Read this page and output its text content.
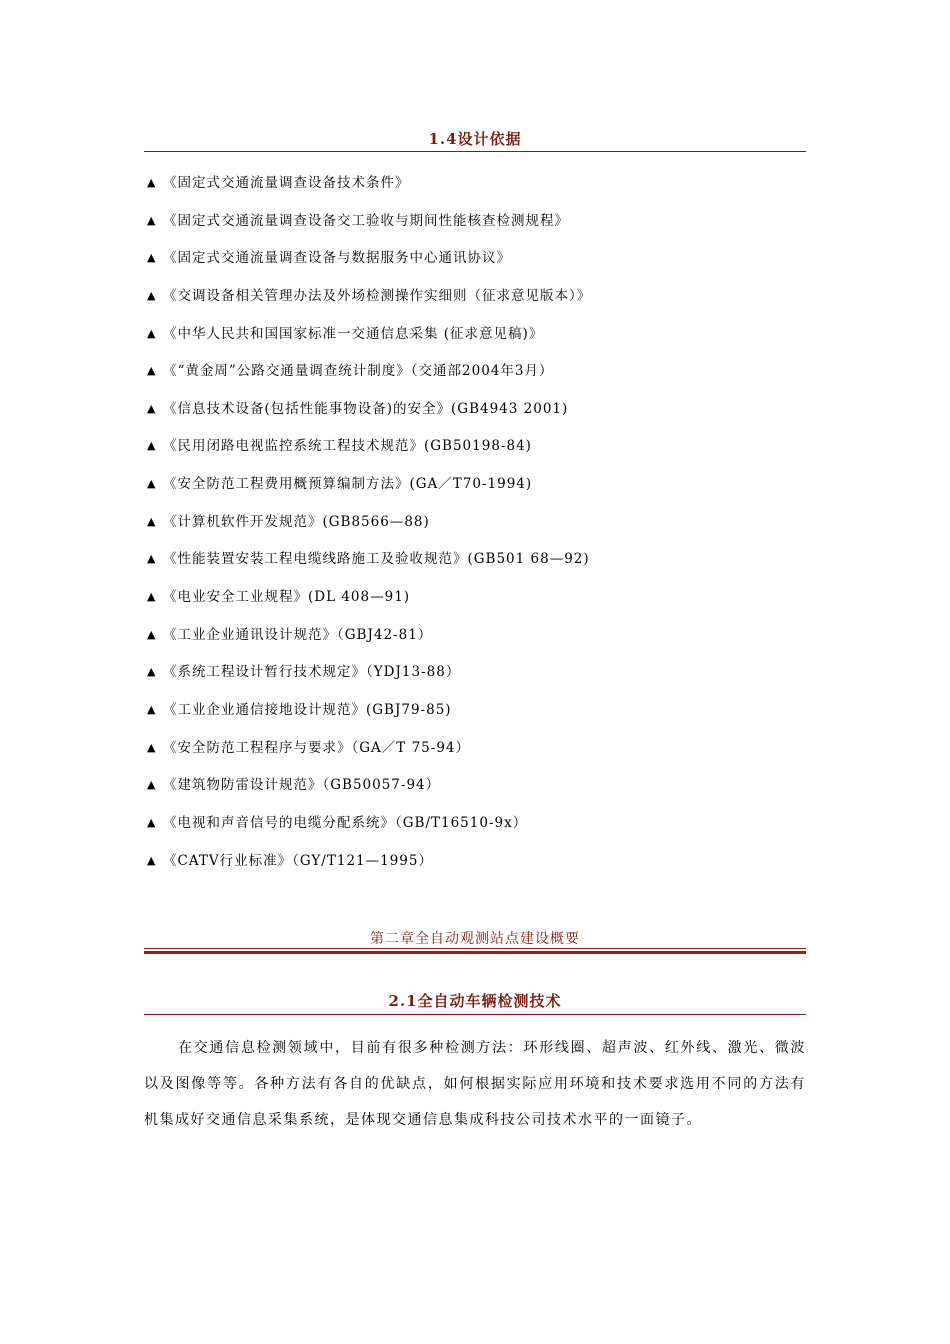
1.4设计依据
▲ 《固定式交通流量调查设备技术条件》
▲ 《固定式交通流量调查设备交工验收与期间性能核查检测规程》
▲ 《固定式交通流量调查设备与数据服务中心通讯协议》
▲ 《交调设备相关管理办法及外场检测操作实细则（征求意见版本）》
▲ 《中华人民共和国国家标准一交通信息采集 (征求意见稿)》
▲ 《“黄金周”公路交通量调查统计制度》（交通部2004年3月）
▲ 《信息技术设备(包括性能事物设备)的安全》(GB4943 2001)
▲ 《民用闭路电视监控系统工程技术规范》(GB50198-84)
▲ 《安全防范工程费用概预算编制方法》(GA／T70-1994)
▲ 《计算机软件开发规范》(GB8566—88)
▲ 《性能装置安装工程电缆线路施工及验收规范》(GB501 68—92)
▲ 《电业安全工业规程》(DL 408—91)
▲ 《工业企业通讯设计规范》（GBJ42-81）
▲ 《系统工程设计暂行技术规定》（YDJ13-88）
▲ 《工业企业通信接地设计规范》(GBJ79-85)
▲ 《安全防范工程程序与要求》（GA／T 75-94）
▲ 《建筑物防雷设计规范》（GB50057-94）
▲ 《电视和声音信号的电缆分配系统》（GB/T16510-9x）
▲ 《CATV行业标准》（GY/T121—1995）
第二章全自动观测站点建设概要
2.1全自动车辆检测技术

在交通信息检测领域中，目前有很多种检测方法：环形线圈、超声波、红外线、激光、微波以及图像等等。各种方法有各自的优缺点，如何根据实际应用环境和技术要求选用不同的方法有机集成好交通信息采集系统，是体现交通信息集成科技公司技术水平的一面镜子。
